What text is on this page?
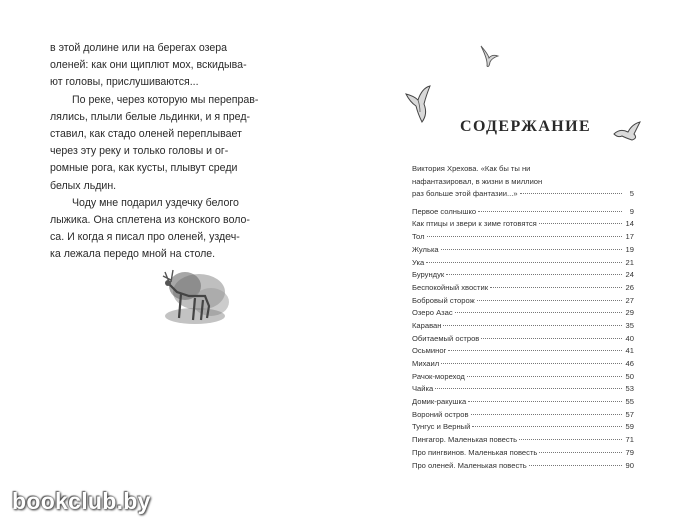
в этой долине или на берегах озера
оленей: как они щиплют мох, вскидыва-
ют головы, прислушиваются...

По реке, через которую мы переправ-
лялись, плыли белые льдинки, и я пред-
ставил, как стадо оленей переплывает
через эту реку и только головы и ог-
ромные рога, как кусты, плывут среди
белых льдин.

Чоду мне подарил уздечку белого
лыжика. Она сплетена из конского воло-
са. И когда я писал про оленей, уздеч-
ка лежала передо мной на столе.

СОДЕРЖАНИЕ
Виктория Хрехова. «Как бы ты ни
нафантазировал, в жизни в миллион
раз больше этой фантазии...»	5
Первое солнышко	9
Как птицы и звери к зиме готовятся	14
Тол	17
Жулька	19
Ука	21
Бурундук	24
Беспокойный хвостик	26
Бобровый сторож	27
Озеро Азас	29
Караван	35
Обитаемый остров	40
Осьминог	41
Михаил	46
Рачок-мореход	50
Чайка	53
Домик-ракушка	55
Вороний остров	57
Тунгус и Верный	59
Пингагор. Маленькая повесть	71
Про пингвинов. Маленькая повесть	79
Про оленей. Маленькая повесть	90
bookclub.by
